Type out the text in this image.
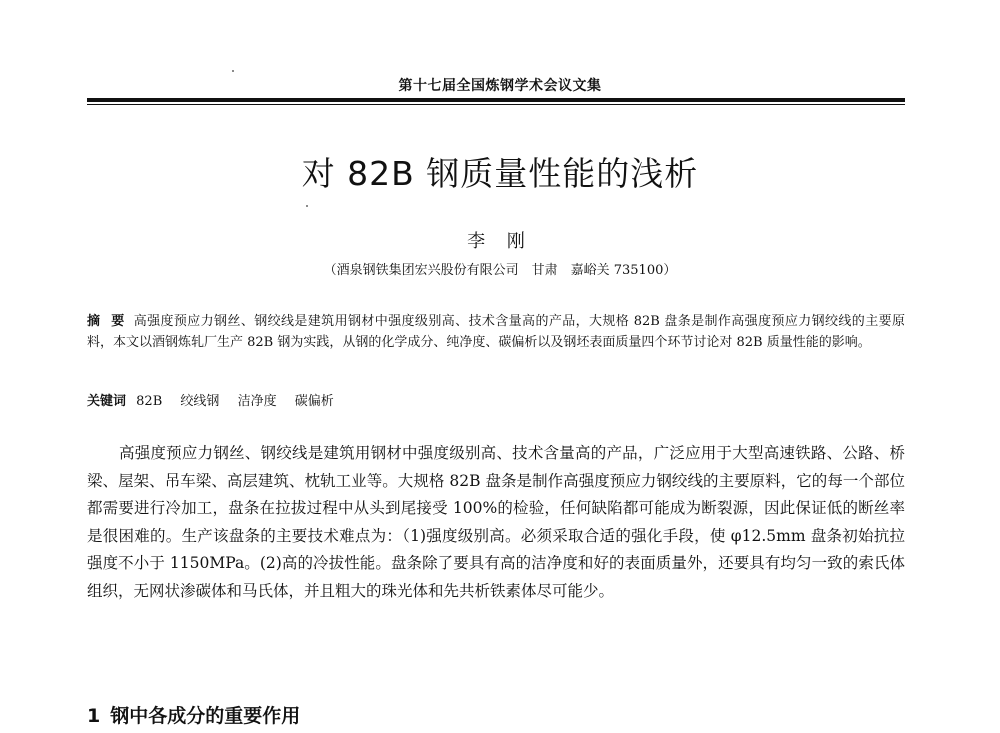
第十七届全国炼钢学术会议文集
对 82B 钢质量性能的浅析
李 刚
（酒泉钢铁集团宏兴股份有限公司　甘肃　嘉峪关 735100）
摘 要 高强度预应力钢丝、钢绞线是建筑用钢材中强度级别高、技术含量高的产品，大规格 82B 盘条是制作高强度预应力钢绞线的主要原料，本文以酒钢炼轧厂生产 82B 钢为实践，从钢的化学成分、纯净度、碳偏析以及钢坯表面质量四个环节讨论对 82B 质量性能的影响。
关键词 82B 绞线钢 洁净度 碳偏析

高强度预应力钢丝、钢绞线是建筑用钢材中强度级别高、技术含量高的产品，广泛应用于大型高速铁路、公路、桥梁、屋架、吊车梁、高层建筑、枕轨工业等。大规格 82B 盘条是制作高强度预应力钢绞线的主要原料，它的每一个部位都需要进行冷加工，盘条在拉拔过程中从头到尾接受 100%的检验，任何缺陷都可能成为断裂源，因此保证低的断丝率是很困难的。生产该盘条的主要技术难点为：（1)强度级别高。必须采取合适的强化手段，使 φ12.5mm 盘条初始抗拉强度不小于 1150MPa。(2)高的冷拔性能。盘条除了要具有高的洁净度和好的表面质量外，还要具有均匀一致的索氏体组织，无网状渗碳体和马氏体，并且粗大的珠光体和先共析铁素体尽可能少。

1 钢中各成分的重要作用
